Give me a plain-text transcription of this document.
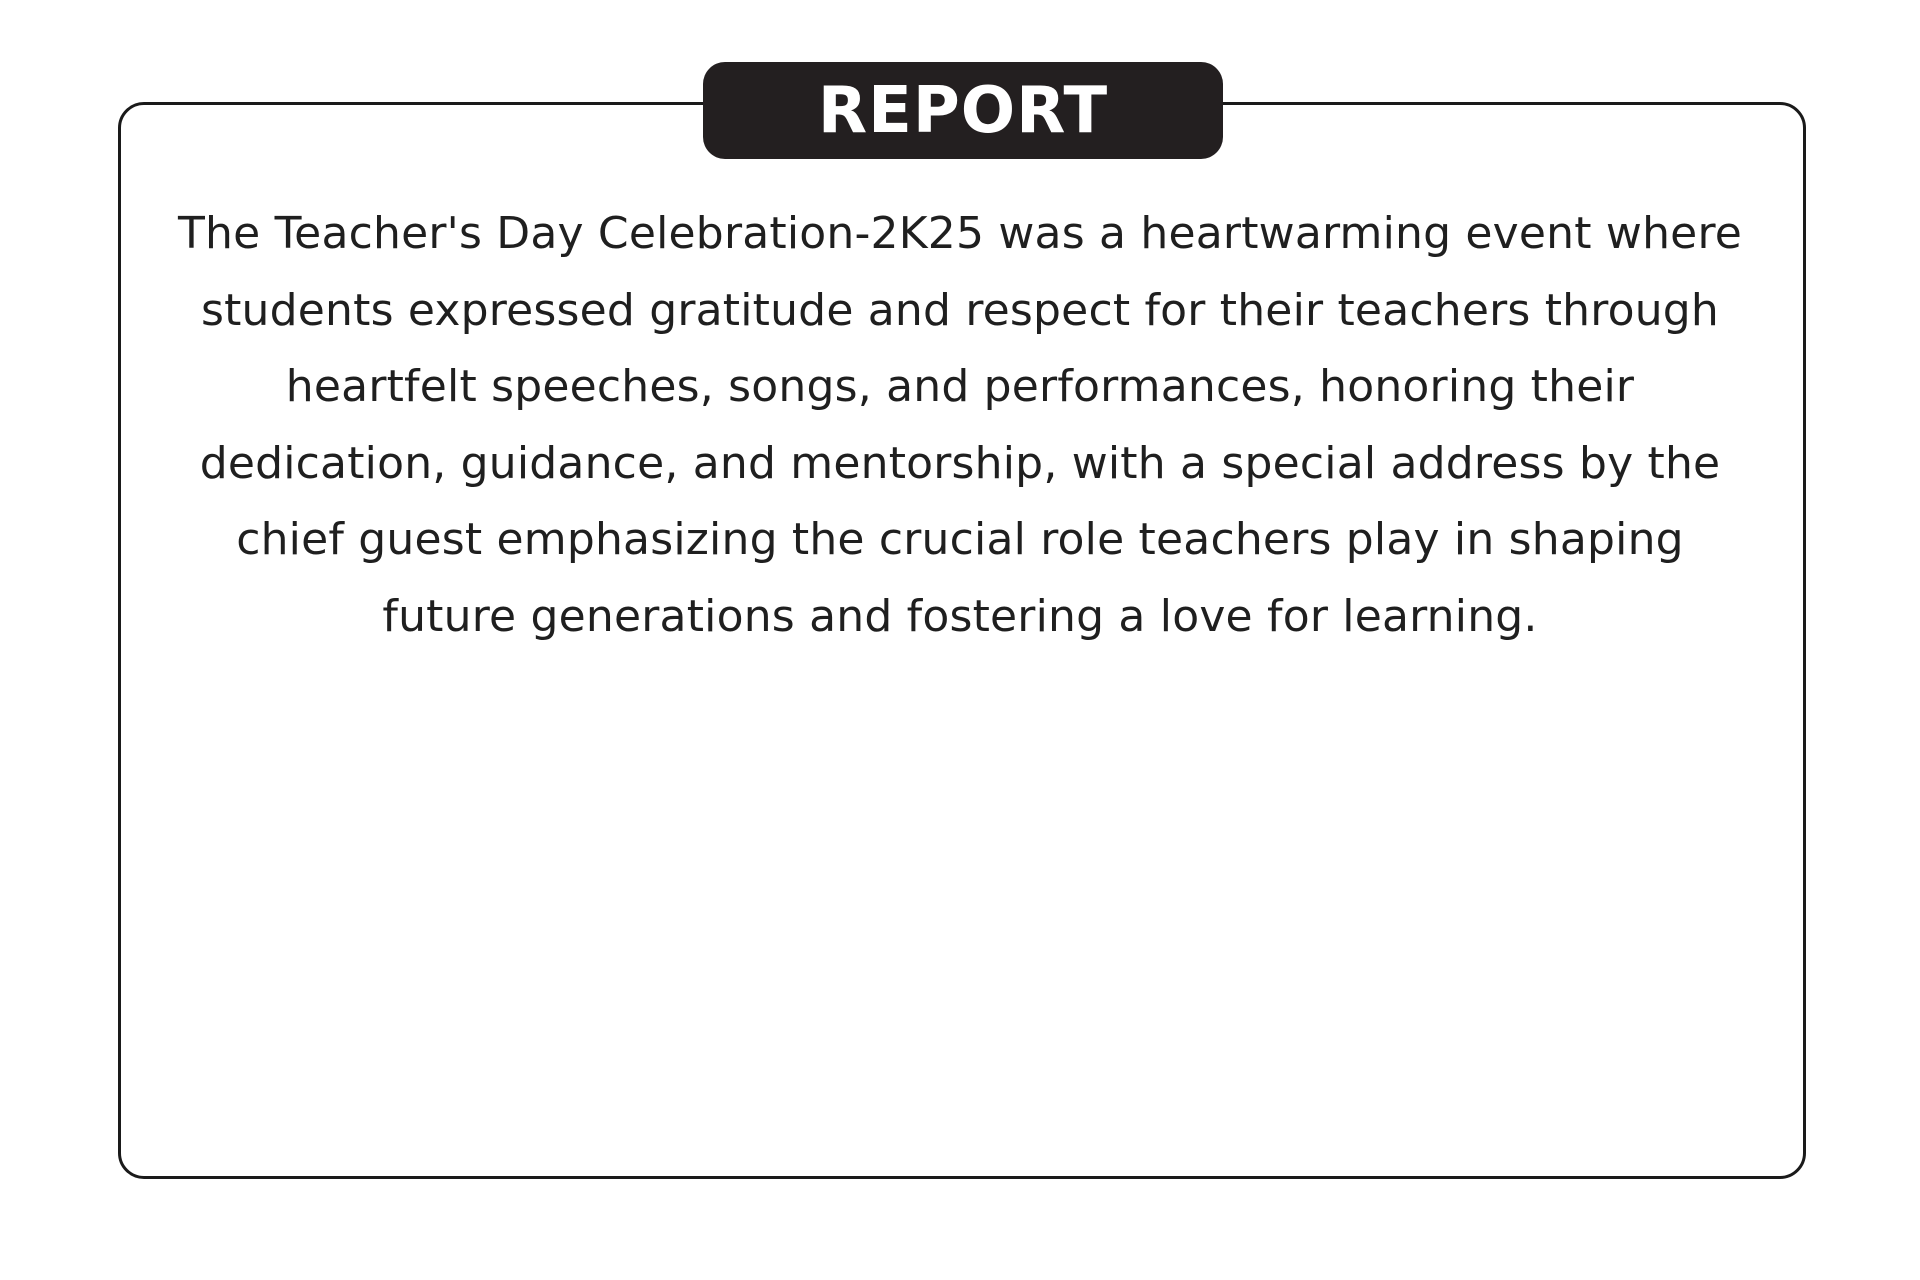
REPORT

The Teacher's Day Celebration-2K25 was a heartwarming event where students expressed gratitude and respect for their teachers through heartfelt speeches, songs, and performances, honoring their dedication, guidance, and mentorship, with a special address by the chief guest emphasizing the crucial role teachers play in shaping future generations and fostering a love for learning.
